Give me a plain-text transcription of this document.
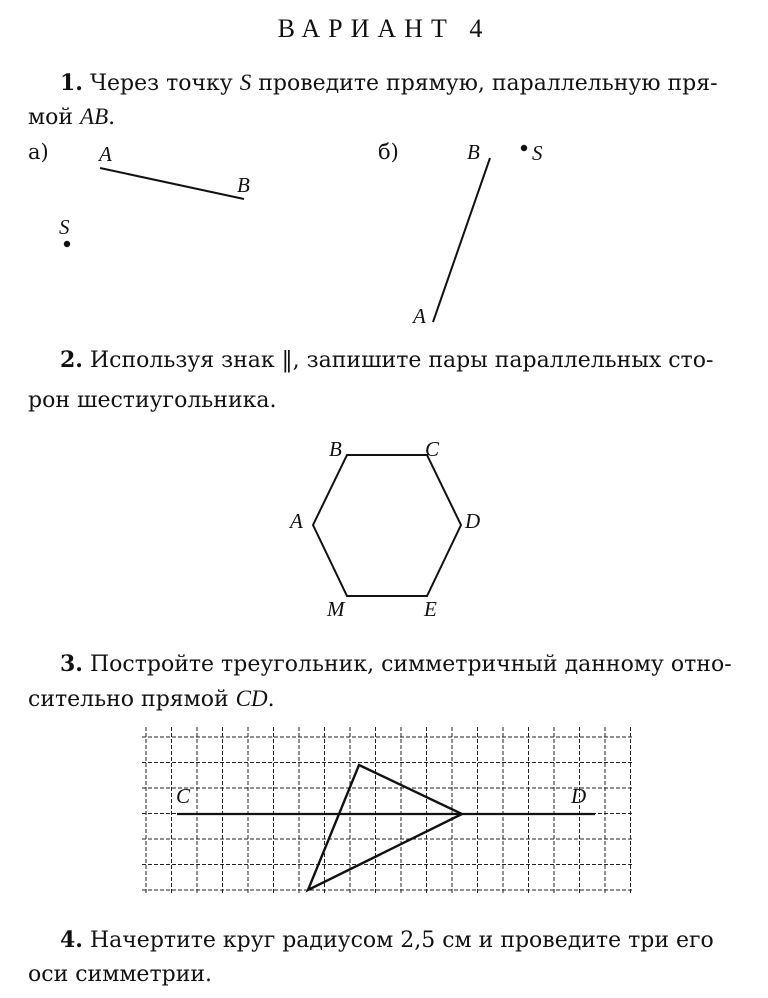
ВАРИАНТ 4
1. Через точку S проведите прямую, параллельную пря-
мой AB.
а) A
B
S
б)	B S
A
2. Используя знак ‖, запишите пары параллельных сто-
рон шестиугольника.
B	C
A	D
M	E
3. Постройте треугольник, симметричный данному отно-
сительно прямой CD.
C	D
4. Начертите круг радиусом 2,5 см и проведите три его
оси симметрии.
